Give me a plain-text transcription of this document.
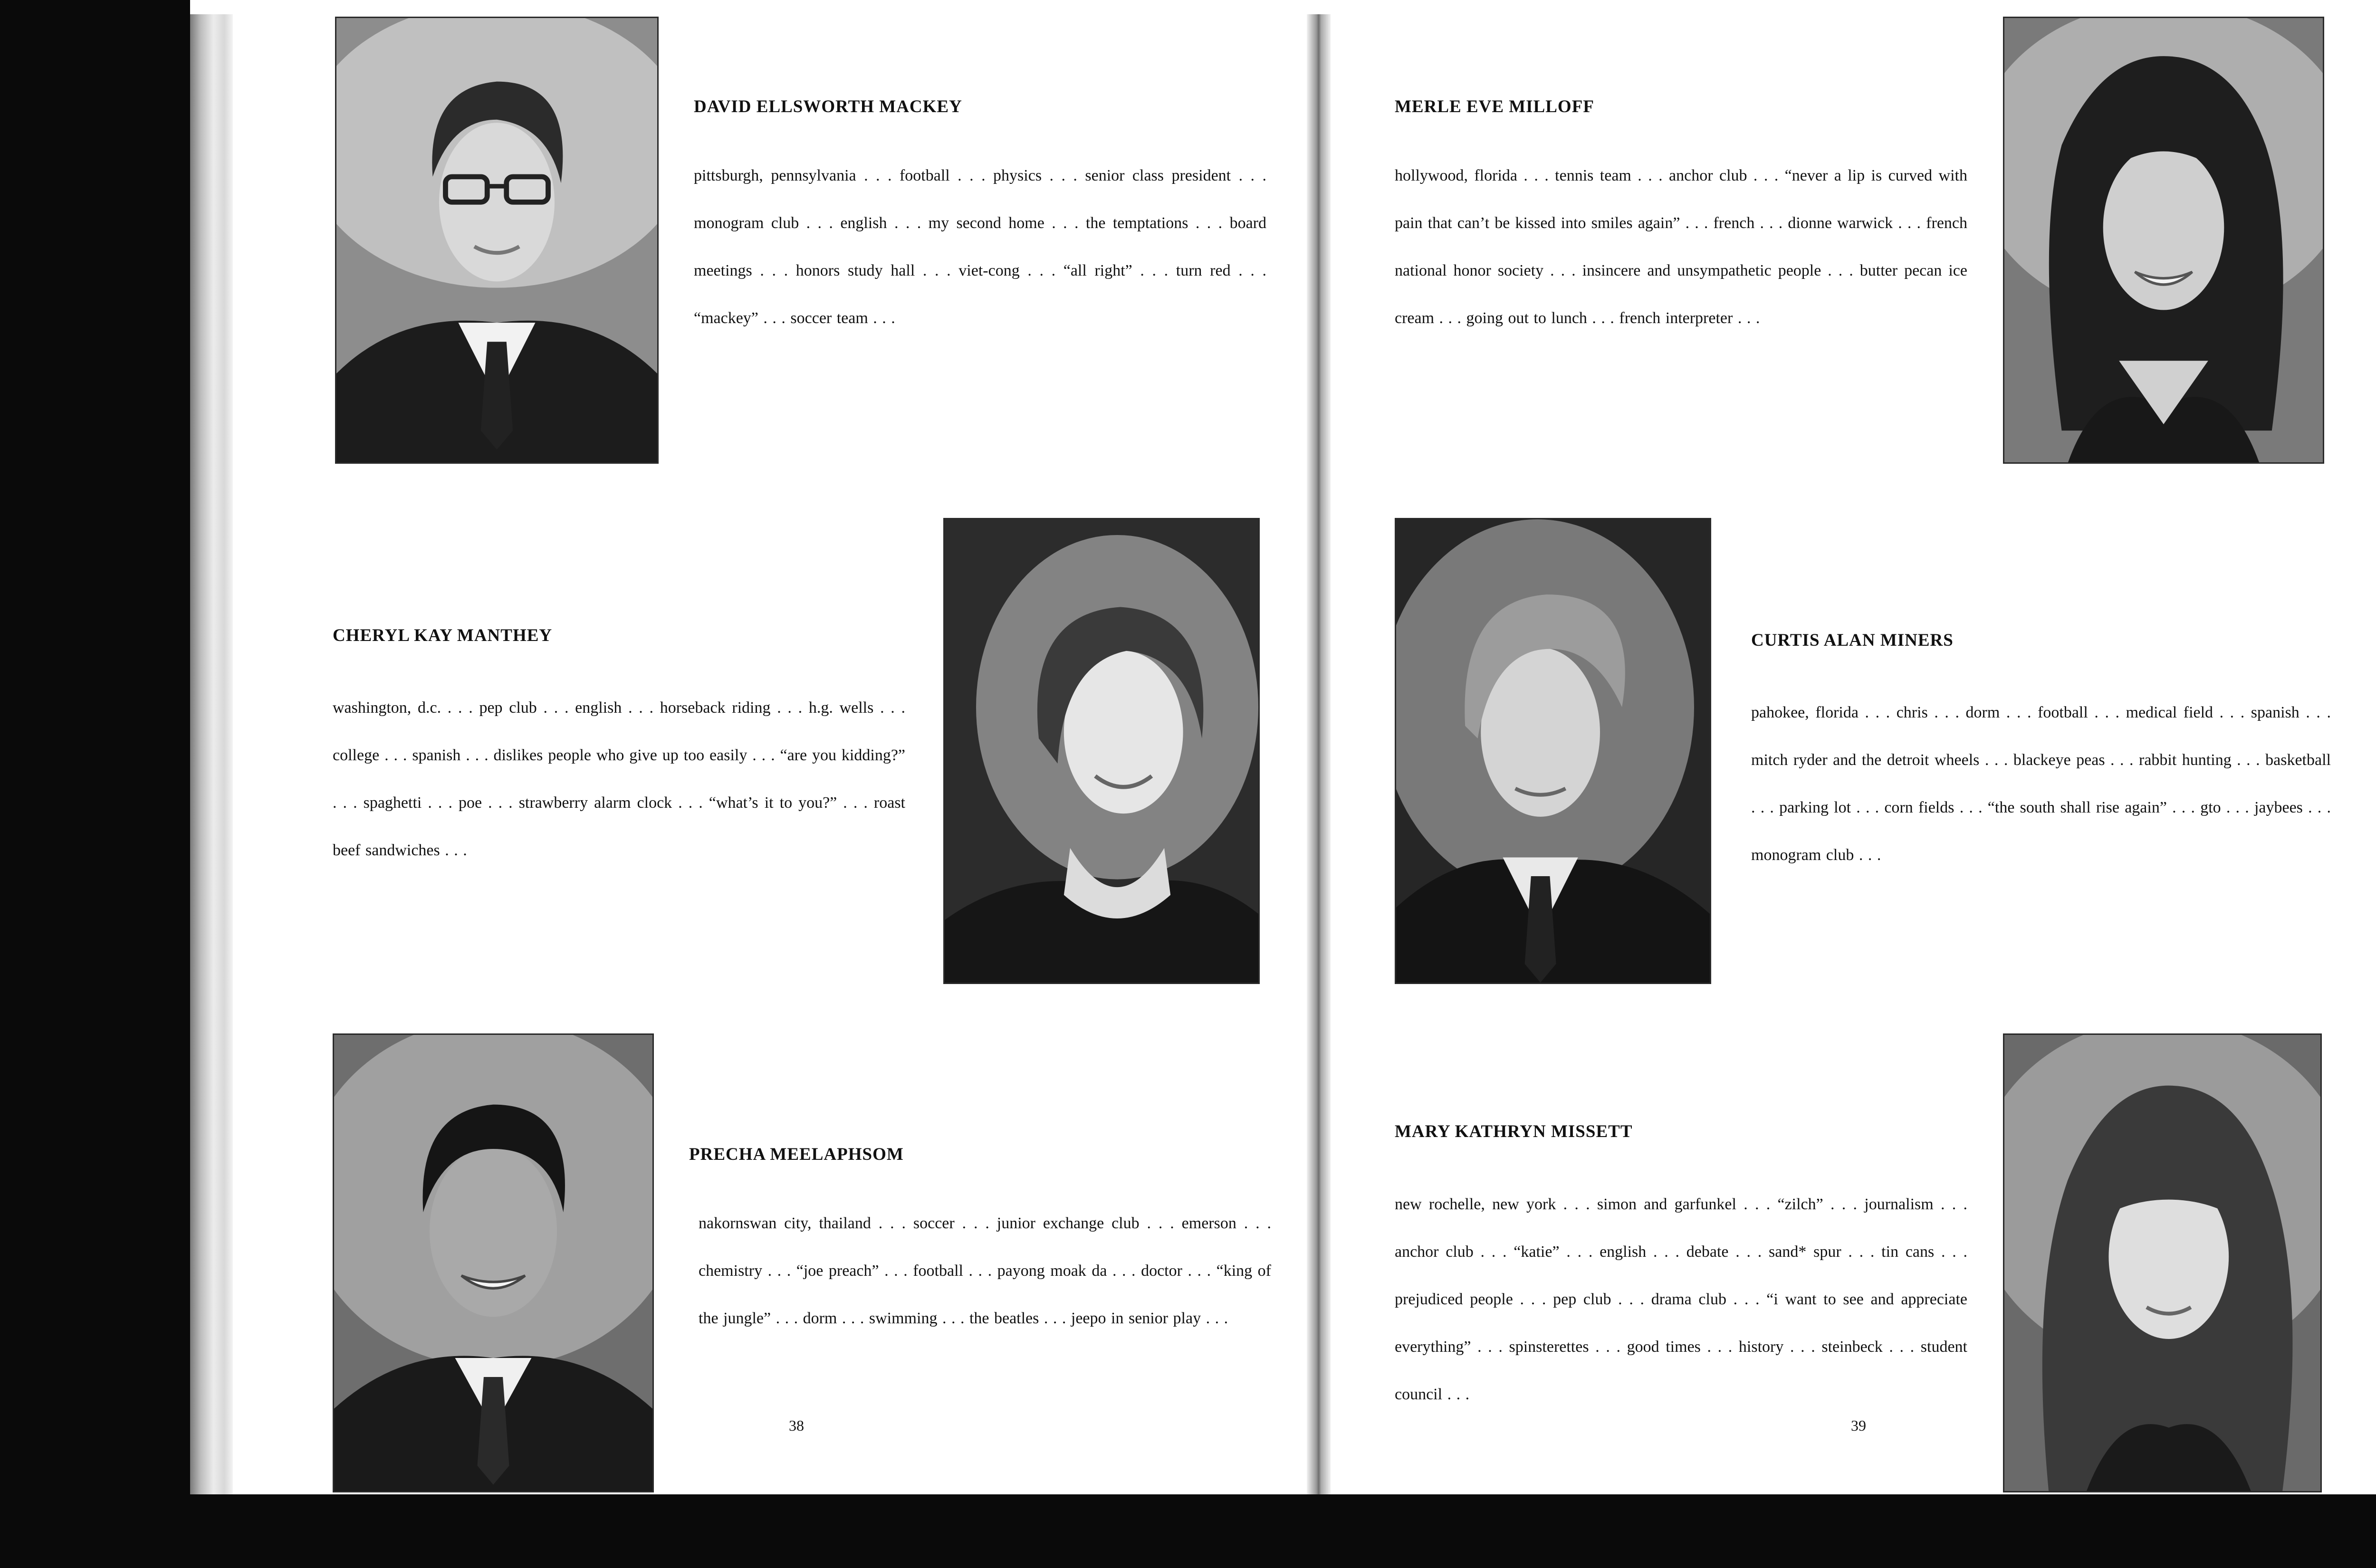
DAVID ELLSWORTH MACKEY
pittsburgh, pennsylvania . . . football . . . physics . . . senior class president . . . monogram club . . . english . . . my second home . . . the temptations . . . board meetings . . . honors study hall . . . viet-cong . . . “all right” . . . turn red . . . “mackey” . . . soccer team . . .
CHERYL KAY MANTHEY
washington, d.c. . . . pep club . . . english . . . horseback riding . . . h.g. wells . . . college . . . spanish . . . dislikes people who give up too easily . . . “are you kidding?” . . . spaghetti . . . poe . . . strawberry alarm clock . . . “what’s it to you?” . . . roast beef sandwiches . . .
PRECHA MEELAPHSOM
nakornswan city, thailand . . . soccer . . . junior exchange club . . . emerson . . . chemistry . . . “joe preach” . . . football . . . payong moak da . . . doctor . . . “king of the jungle” . . . dorm . . . swimming . . . the beatles . . . jeepo in senior play . . .
38
MERLE EVE MILLOFF
hollywood, florida . . . tennis team . . . anchor club . . . “never a lip is curved with pain that can’t be kissed into smiles again” . . . french . . . dionne warwick . . . french national honor society . . . insincere and unsympathetic people . . . butter pecan ice cream . . . going out to lunch . . . french interpreter . . .
CURTIS ALAN MINERS
pahokee, florida . . . chris . . . dorm . . . football . . . medical field . . . spanish . . . mitch ryder and the detroit wheels . . . blackeye peas . . . rabbit hunting . . . basketball . . . parking lot . . . corn fields . . . “the south shall rise again” . . . gto . . . jaybees . . . monogram club . . .
MARY KATHRYN MISSETT
new rochelle, new york . . . simon and garfunkel . . . “zilch” . . . journalism . . . anchor club . . . “katie” . . . english . . . debate . . . sand* spur . . . tin cans . . . prejudiced people . . . pep club . . . drama club . . . “i want to see and appreciate everything” . . . spinsterettes . . . good times . . . history . . . steinbeck . . . student council . . .
39
